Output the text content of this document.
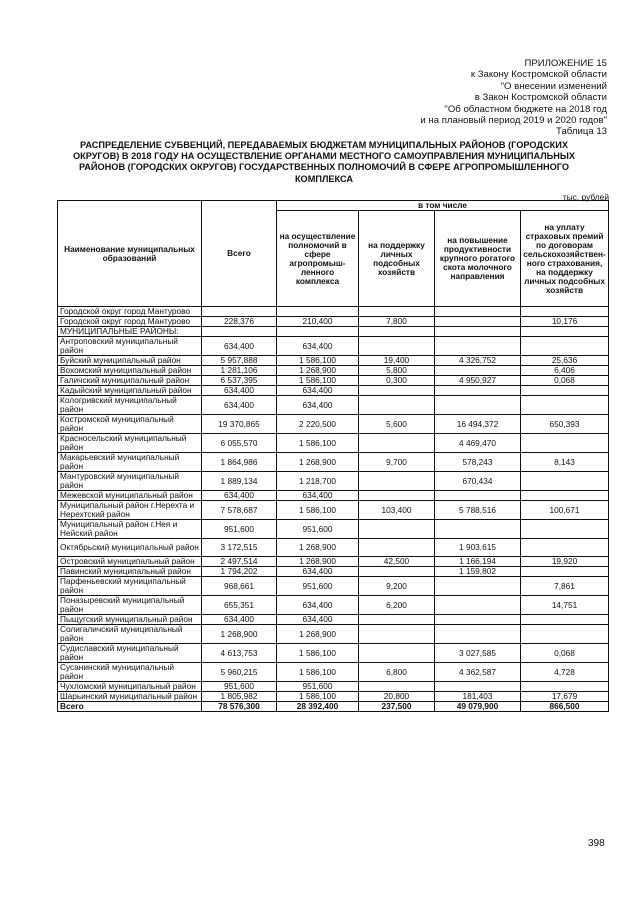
ПРИЛОЖЕНИЕ 15
к Закону Костромской области
"О внесении изменений
в Закон Костромской области
"Об областном бюджете на 2018 год
и на плановый период 2019 и 2020 годов"
Таблица 13
РАСПРЕДЕЛЕНИЕ СУБВЕНЦИЙ, ПЕРЕДАВАЕМЫХ БЮДЖЕТАМ МУНИЦИПАЛЬНЫХ РАЙОНОВ (ГОРОДСКИХ
ОКРУГОВ) В 2018 ГОДУ НА ОСУЩЕСТВЛЕНИЕ ОРГАНАМИ МЕСТНОГО САМОУПРАВЛЕНИЯ МУНИЦИПАЛЬНЫХ
РАЙОНОВ (ГОРОДСКИХ ОКРУГОВ) ГОСУДАРСТВЕННЫХ ПОЛНОМОЧИЙ В СФЕРЕ АГРОПРОМЫШЛЕННОГО
КОМПЛЕКСА
тыс. рублей
Наименование муниципальных образований	Всего	в том числе			
		на осуществление полномочий в сфере агропромыш-ленного комплекса	на поддержку личных подсобных хозяйств	на повышение продуктивности крупного рогатого скота молочного направления	на уплату страховых премий по договорам сельскохозяйствен-ного страхования, на поддержку личных подсобных хозяйств
Городской округ город Мантурово					
Городской округ город Мантурово	228,376	210,400	7,800		10,176
МУНИЦИПАЛЬНЫЕ РАЙОНЫ:					
Антроповский муниципальный район	634,400	634,400			
Буйский муниципальный район	5 957,888	1 586,100	19,400	4 326,752	25,636
Вохомский муниципальный район	1 281,106	1 268,900	5,800		6,406
Галичский муниципальный район	6 537,395	1 586,100	0,300	4 950,927	0,068
Кадыйский муниципальный район	634,400	634,400			
Кологривский муниципальный район	634,400	634,400			
Костромской муниципальный район	19 370,865	2 220,500	5,600	16 494,372	650,393
Красносельский муниципальный район	6 055,570	1 586,100		4 469,470	
Макарьевский муниципальный район	1 864,986	1 268,900	9,700	578,243	8,143
Мантуровский муниципальный район	1 889,134	1 218,700		670,434	
Межевской муниципальный район	634,400	634,400			
Муниципальный район г.Нерехта и Нерехтский район	7 578,687	1 586,100	103,400	5 788,516	100,671
Муниципальный район г.Нея и Нейский район	951,600	951,600			
Октябрьский муниципальный район	3 172,515	1 268,900		1 903,615	
Островский муниципальный район	2 497,514	1 268,900	42,500	1 166,194	19,920
Павинский муниципальный район	1 794,202	634,400		1 159,802	
Парфеньевский муниципальный район	968,661	951,600	9,200		7,861
Поназыревский муниципальный район	655,351	634,400	6,200		14,751
Пыщугский муниципальный район	634,400	634,400			
Солигаличский муниципальный район	1 268,900	1 268,900			
Судиславский муниципальный район	4 613,753	1 586,100		3 027,585	0,068
Сусанинский муниципальный район	5 960,215	1 586,100	6,800	4 362,587	4,728
Чухломский муниципальный район	951,600	951,600			
Шарьинский муниципальный район	1 805,982	1 586,100	20,800	181,403	17,679
Всего	78 576,300	28 392,400	237,500	49 079,900	866,500
398
